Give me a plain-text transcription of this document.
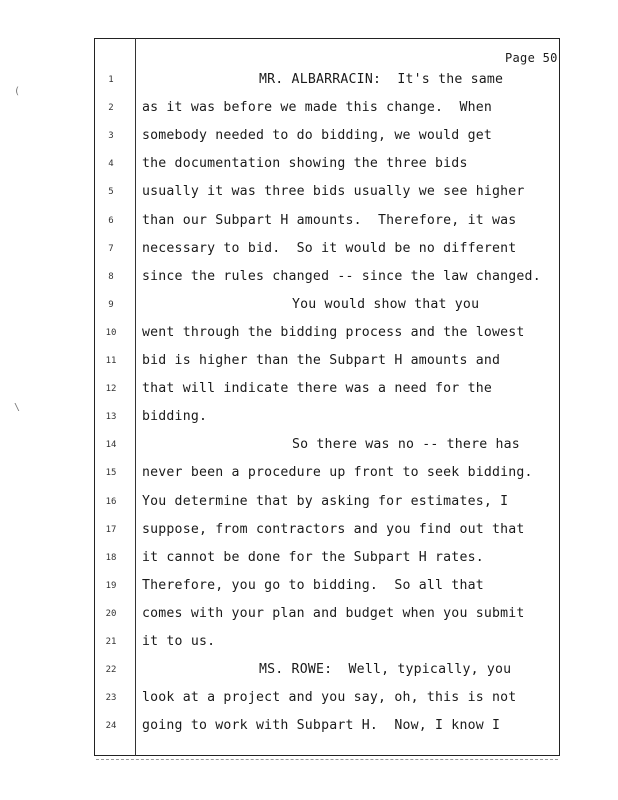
Page 50
1	MR. ALBARRACIN:  It's the same
2	as it was before we made this change.  When
3	somebody needed to do bidding, we would get
4	the documentation showing the three bids
5	usually it was three bids usually we see higher
6	than our Subpart H amounts.  Therefore, it was
7	necessary to bid.  So it would be no different
8	since the rules changed -- since the law changed.
9	You would show that you
10	went through the bidding process and the lowest
11	bid is higher than the Subpart H amounts and
12	that will indicate there was a need for the
13	bidding.
14	So there was no -- there has
15	never been a procedure up front to seek bidding.
16	You determine that by asking for estimates, I
17	suppose, from contractors and you find out that
18	it cannot be done for the Subpart H rates.
19	Therefore, you go to bidding.  So all that
20	comes with your plan and budget when you submit
21	it to us.
22	MS. ROWE:  Well, typically, you
23	look at a project and you say, oh, this is not
24	going to work with Subpart H.  Now, I know I
(
\
